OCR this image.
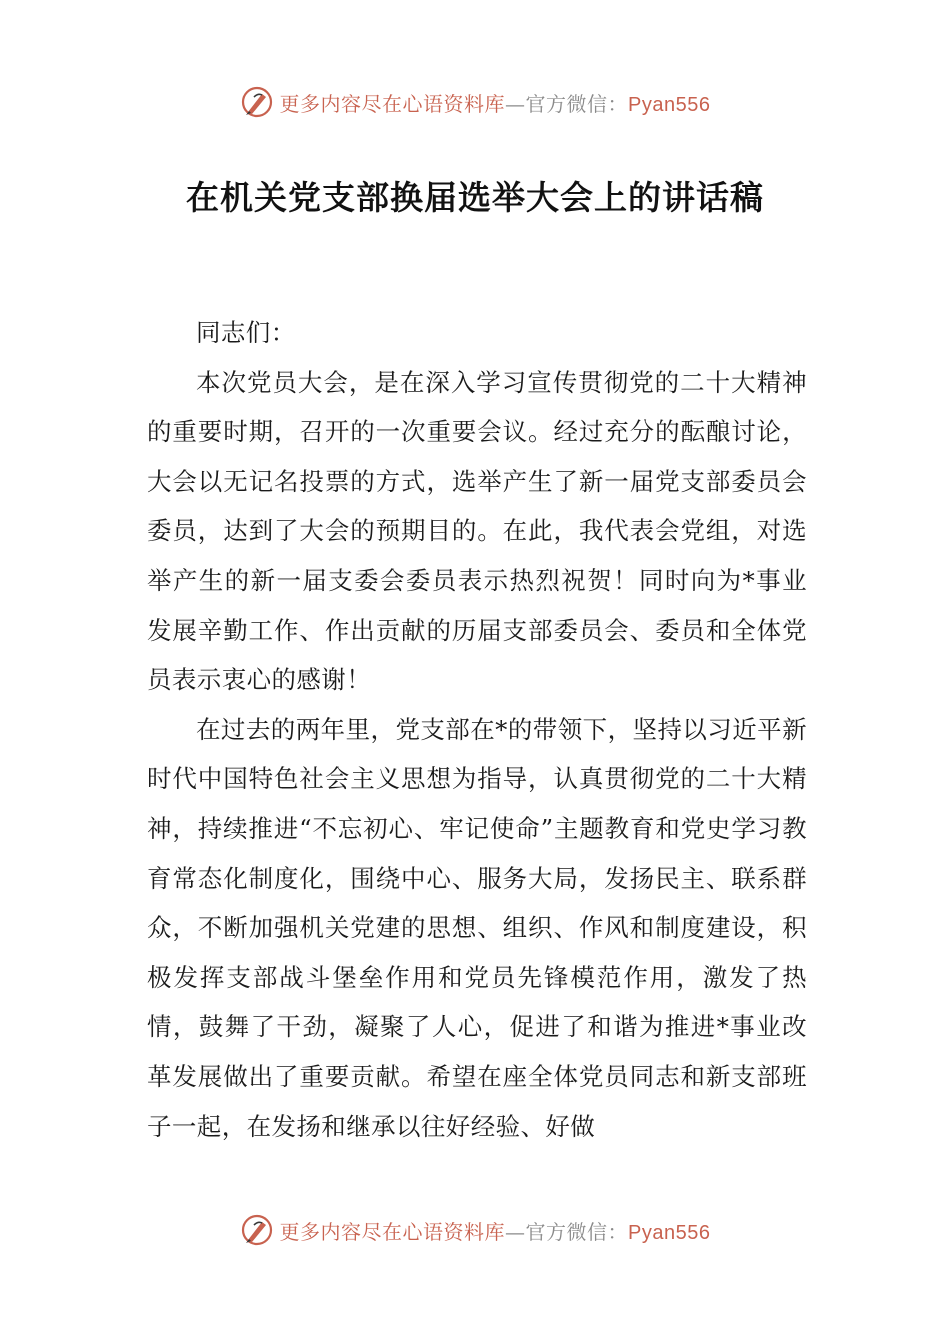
更多内容尽在心语资料库—官方微信：Pyan556
在机关党支部换届选举大会上的讲话稿

同志们：

本次党员大会，是在深入学习宣传贯彻党的二十大精神的重要时期，召开的一次重要会议。经过充分的酝酿讨论，大会以无记名投票的方式，选举产生了新一届党支部委员会委员，达到了大会的预期目的。在此，我代表会党组，对选举产生的新一届支委会委员表示热烈祝贺！同时向为*事业发展辛勤工作、作出贡献的历届支部委员会、委员和全体党员表示衷心的感谢！

在过去的两年里，党支部在*的带领下，坚持以习近平新时代中国特色社会主义思想为指导，认真贯彻党的二十大精神，持续推进“不忘初心、牢记使命”主题教育和党史学习教育常态化制度化，围绕中心、服务大局，发扬民主、联系群众，不断加强机关党建的思想、组织、作风和制度建设，积极发挥支部战斗堡垒作用和党员先锋模范作用，激发了热情，鼓舞了干劲，凝聚了人心，促进了和谐为推进*事业改革发展做出了重要贡献。希望在座全体党员同志和新支部班子一起，在发扬和继承以往好经验、好做

更多内容尽在心语资料库—官方微信：Pyan556
